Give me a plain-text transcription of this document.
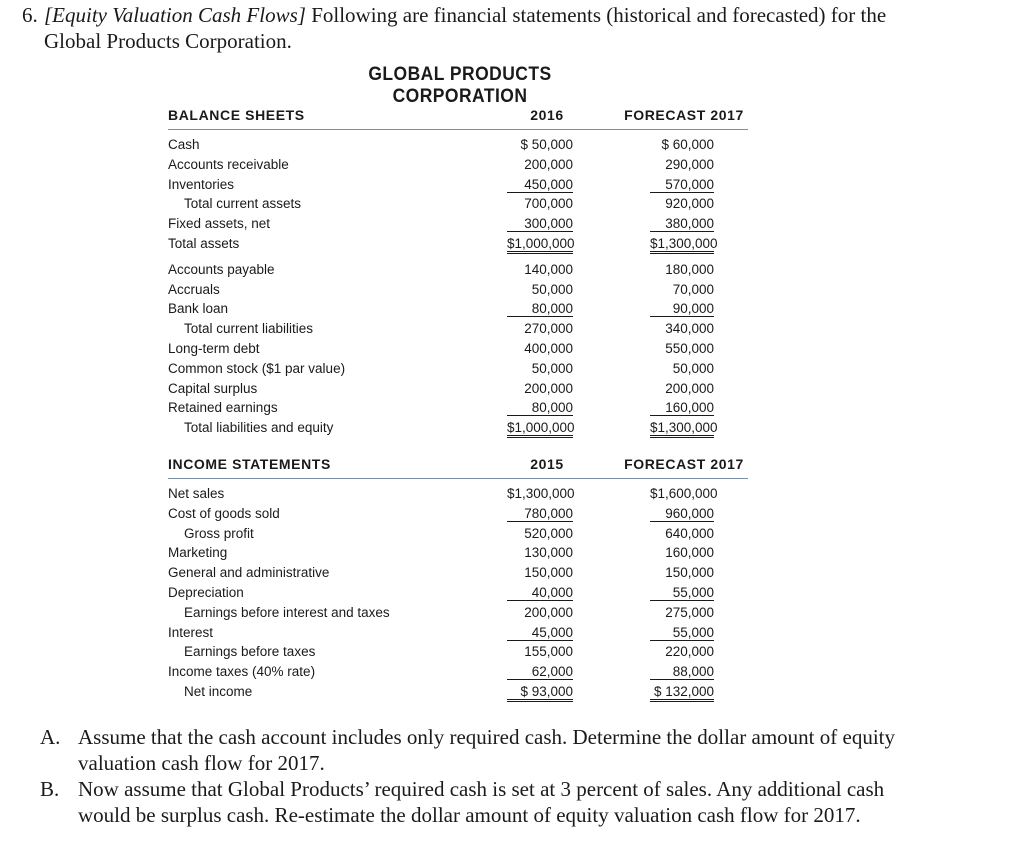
6. [Equity Valuation Cash Flows] Following are financial statements (historical and forecasted) for the
Global Products Corporation.
GLOBAL PRODUCTS CORPORATION
BALANCE SHEETS	2016	FORECAST 2017
Cash	$ 50,000	$ 60,000
Accounts receivable	200,000	290,000
Inventories	450,000	570,000
Total current assets	700,000	920,000
Fixed assets, net	300,000	380,000
Total assets	$1,000,000	$1,300,000
Accounts payable	140,000	180,000
Accruals	50,000	70,000
Bank loan	80,000	90,000
Total current liabilities	270,000	340,000
Long-term debt	400,000	550,000
Common stock ($1 par value)	50,000	50,000
Capital surplus	200,000	200,000
Retained earnings	80,000	160,000
Total liabilities and equity	$1,000,000	$1,300,000
INCOME STATEMENTS	2015	FORECAST 2017
Net sales	$1,300,000	$1,600,000
Cost of goods sold	780,000	960,000
Gross profit	520,000	640,000
Marketing	130,000	160,000
General and administrative	150,000	150,000
Depreciation	40,000	55,000
Earnings before interest and taxes	200,000	275,000
Interest	45,000	55,000
Earnings before taxes	155,000	220,000
Income taxes (40% rate)	62,000	88,000
Net income	$ 93,000	$ 132,000
A. Assume that the cash account includes only required cash. Determine the dollar amount of equity
valuation cash flow for 2017.
B. Now assume that Global Products’ required cash is set at 3 percent of sales. Any additional cash
would be surplus cash. Re-estimate the dollar amount of equity valuation cash flow for 2017.
